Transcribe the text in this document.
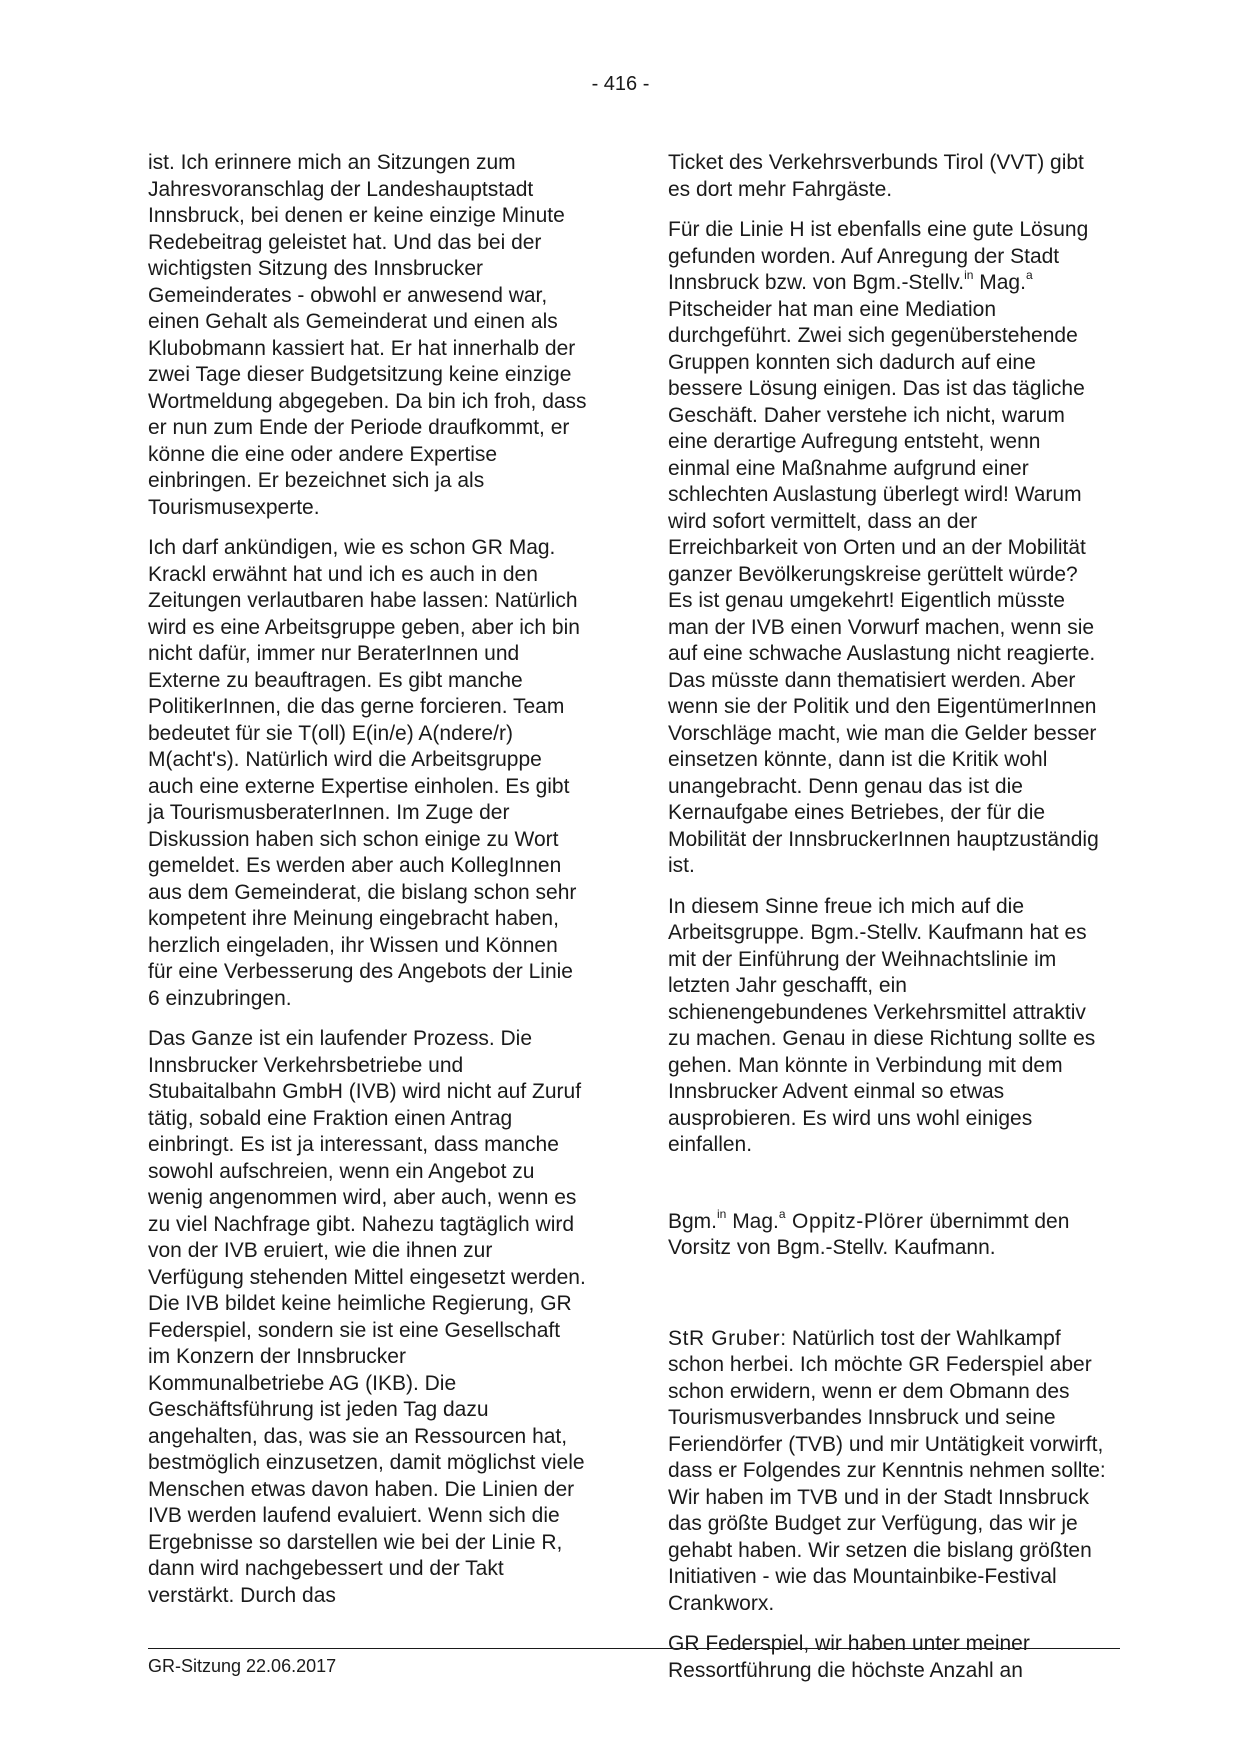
- 416 -

ist. Ich erinnere mich an Sitzungen zum Jahresvoranschlag der Landeshauptstadt Innsbruck, bei denen er keine einzige Minute Redebeitrag geleistet hat. Und das bei der wichtigsten Sitzung des Innsbrucker Gemeinderates - obwohl er anwesend war, einen Gehalt als Gemeinderat und einen als Klubobmann kassiert hat. Er hat innerhalb der zwei Tage dieser Budgetsitzung keine einzige Wortmeldung abgegeben. Da bin ich froh, dass er nun zum Ende der Periode draufkommt, er könne die eine oder andere Expertise einbringen. Er bezeichnet sich ja als Tourismusexperte.

Ich darf ankündigen, wie es schon GR Mag. Krackl erwähnt hat und ich es auch in den Zeitungen verlautbaren habe lassen: Natürlich wird es eine Arbeitsgruppe geben, aber ich bin nicht dafür, immer nur BeraterInnen und Externe zu beauftragen. Es gibt manche PolitikerInnen, die das gerne forcieren. Team bedeutet für sie T(oll) E(in/e) A(ndere/r) M(acht's). Natürlich wird die Arbeitsgruppe auch eine externe Expertise einholen. Es gibt ja TourismusberaterInnen. Im Zuge der Diskussion haben sich schon einige zu Wort gemeldet. Es werden aber auch KollegInnen aus dem Gemeinderat, die bislang schon sehr kompetent ihre Meinung eingebracht haben, herzlich eingeladen, ihr Wissen und Können für eine Verbesserung des Angebots der Linie 6 einzubringen.

Das Ganze ist ein laufender Prozess. Die Innsbrucker Verkehrsbetriebe und Stubaitalbahn GmbH (IVB) wird nicht auf Zuruf tätig, sobald eine Fraktion einen Antrag einbringt. Es ist ja interessant, dass manche sowohl aufschreien, wenn ein Angebot zu wenig angenommen wird, aber auch, wenn es zu viel Nachfrage gibt. Nahezu tagtäglich wird von der IVB eruiert, wie die ihnen zur Verfügung stehenden Mittel eingesetzt werden. Die IVB bildet keine heimliche Regierung, GR Federspiel, sondern sie ist eine Gesellschaft im Konzern der Innsbrucker Kommunalbetriebe AG (IKB). Die Geschäftsführung ist jeden Tag dazu angehalten, das, was sie an Ressourcen hat, bestmöglich einzusetzen, damit möglichst viele Menschen etwas davon haben. Die Linien der IVB werden laufend evaluiert. Wenn sich die Ergebnisse so darstellen wie bei der Linie R, dann wird nachgebessert und der Takt verstärkt. Durch das

Ticket des Verkehrsverbunds Tirol (VVT) gibt es dort mehr Fahrgäste.

Für die Linie H ist ebenfalls eine gute Lösung gefunden worden. Auf Anregung der Stadt Innsbruck bzw. von Bgm.-Stellv.$^{in}$ Mag.$^a$ Pitscheider hat man eine Mediation durchgeführt. Zwei sich gegenüberstehende Gruppen konnten sich dadurch auf eine bessere Lösung einigen. Das ist das tägliche Geschäft. Daher verstehe ich nicht, warum eine derartige Aufregung entsteht, wenn einmal eine Maßnahme aufgrund einer schlechten Auslastung überlegt wird! Warum wird sofort vermittelt, dass an der Erreichbarkeit von Orten und an der Mobilität ganzer Bevölkerungskreise gerüttelt würde? Es ist genau umgekehrt! Eigentlich müsste man der IVB einen Vorwurf machen, wenn sie auf eine schwache Auslastung nicht reagierte. Das müsste dann thematisiert werden. Aber wenn sie der Politik und den EigentümerInnen Vorschläge macht, wie man die Gelder besser einsetzen könnte, dann ist die Kritik wohl unangebracht. Denn genau das ist die Kernaufgabe eines Betriebes, der für die Mobilität der InnsbruckerInnen hauptzuständig ist.

In diesem Sinne freue ich mich auf die Arbeitsgruppe. Bgm.-Stellv. Kaufmann hat es mit der Einführung der Weihnachtslinie im letzten Jahr geschafft, ein schienengebundenes Verkehrsmittel attraktiv zu machen. Genau in diese Richtung sollte es gehen. Man könnte in Verbindung mit dem Innsbrucker Advent einmal so etwas ausprobieren. Es wird uns wohl einiges einfallen.

Bgm.$^{in}$ Mag.$^a$ Oppitz-Plörer übernimmt den Vorsitz von Bgm.-Stellv. Kaufmann.

StR Gruber: Natürlich tost der Wahlkampf schon herbei. Ich möchte GR Federspiel aber schon erwidern, wenn er dem Obmann des Tourismusverbandes Innsbruck und seine Feriendörfer (TVB) und mir Untätigkeit vorwirft, dass er Folgendes zur Kenntnis nehmen sollte: Wir haben im TVB und in der Stadt Innsbruck das größte Budget zur Verfügung, das wir je gehabt haben. Wir setzen die bislang größten Initiativen - wie das Mountainbike-Festival Crankworx.

GR Federspiel, wir haben unter meiner Ressortführung die höchste Anzahl an

GR-Sitzung 22.06.2017
